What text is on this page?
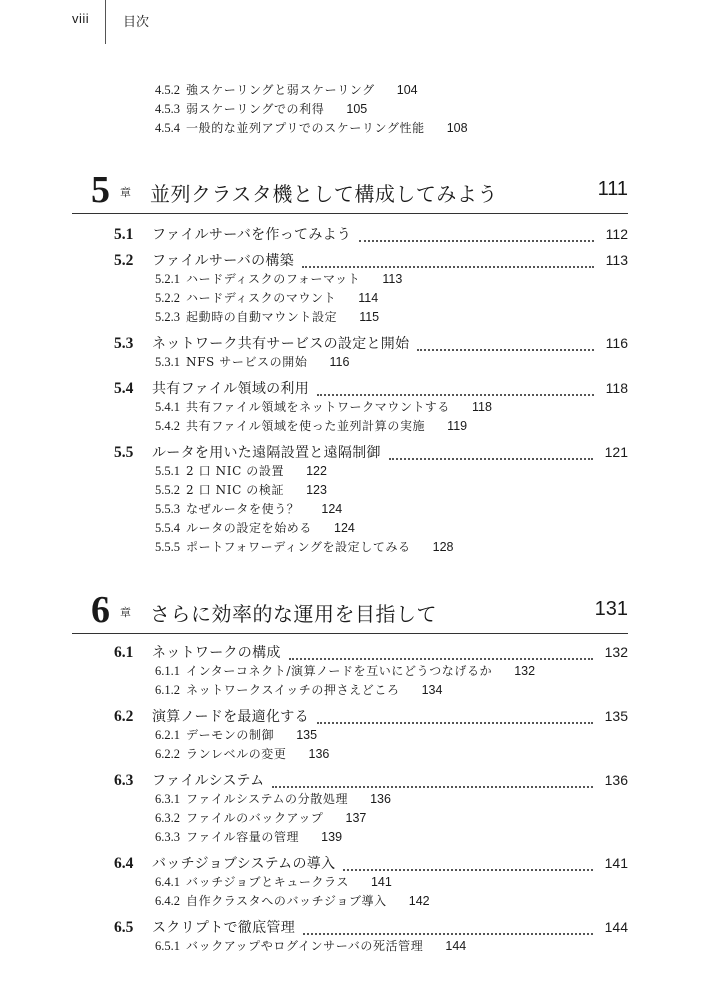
viii	目次
4.5.2 強スケーリングと弱スケーリング 104
4.5.3 弱スケーリングでの利得 105
4.5.4 一般的な並列アプリでのスケーリング性能 108
5 章 並列クラスタ機として構成してみよう	111
5.1	ファイルサーバを作ってみよう	112
5.2	ファイルサーバの構築	113
5.2.1 ハードディスクのフォーマット 113
5.2.2 ハードディスクのマウント 114
5.2.3 起動時の自動マウント設定 115
5.3	ネットワーク共有サービスの設定と開始	116
5.3.1 NFS サービスの開始 116
5.4	共有ファイル領域の利用	118
5.4.1 共有ファイル領域をネットワークマウントする 118
5.4.2 共有ファイル領域を使った並列計算の実施 119
5.5	ルータを用いた遠隔設置と遠隔制御	121
5.5.1 2 口 NIC の設置 122
5.5.2 2 口 NIC の検証 123
5.5.3 なぜルータを使う？ 124
5.5.4 ルータの設定を始める 124
5.5.5 ポートフォワーディングを設定してみる 128
6 章 さらに効率的な運用を目指して	131
6.1	ネットワークの構成	132
6.1.1 インターコネクト/演算ノードを互いにどうつなげるか 132
6.1.2 ネットワークスイッチの押さえどころ 134
6.2	演算ノードを最適化する	135
6.2.1 デーモンの制御 135
6.2.2 ランレベルの変更 136
6.3	ファイルシステム	136
6.3.1 ファイルシステムの分散処理 136
6.3.2 ファイルのバックアップ 137
6.3.3 ファイル容量の管理 139
6.4	バッチジョブシステムの導入	141
6.4.1 バッチジョブとキュークラス 141
6.4.2 自作クラスタへのバッチジョブ導入 142
6.5	スクリプトで徹底管理	144
6.5.1 バックアップやログインサーバの死活管理 144
